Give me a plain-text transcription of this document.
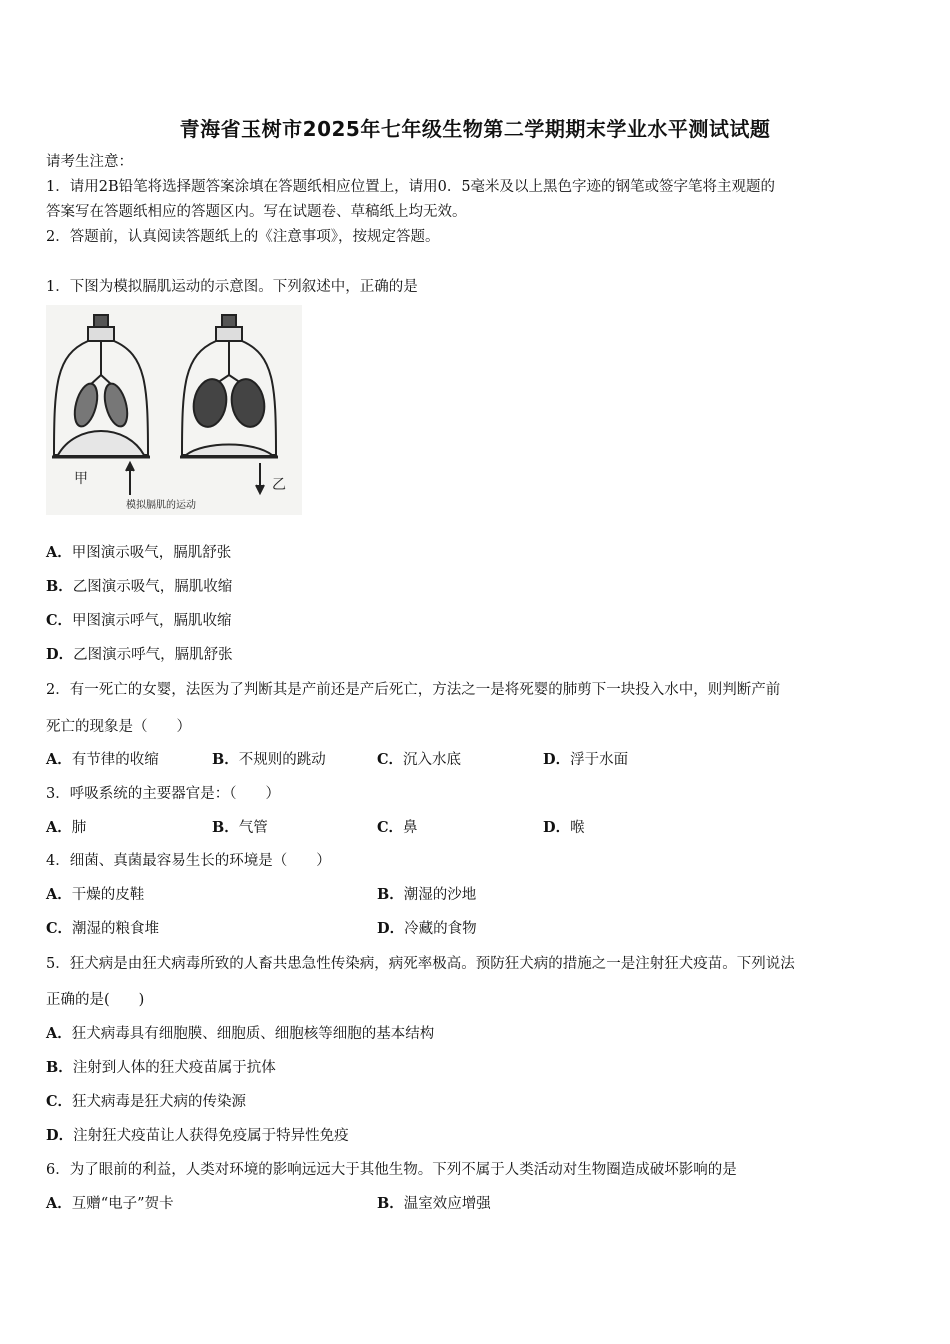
青海省玉树市2025年七年级生物第二学期期末学业水平测试试题
请考生注意：
1．请用2B铅笔将选择题答案涂填在答题纸相应位置上，请用0．5毫米及以上黑色字迹的钢笔或签字笔将主观题的
答案写在答题纸相应的答题区内。写在试题卷、草稿纸上均无效。
2．答题前，认真阅读答题纸上的《注意事项》，按规定答题。
1．下图为模拟膈肌运动的示意图。下列叙述中，正确的是
甲	乙
模拟膈肌的运动
A．甲图演示吸气，膈肌舒张
B．乙图演示吸气，膈肌收缩
C．甲图演示呼气，膈肌收缩
D．乙图演示呼气，膈肌舒张
2．有一死亡的女婴，法医为了判断其是产前还是产后死亡，方法之一是将死婴的肺剪下一块投入水中，则判断产前
死亡的现象是（　　）
A．有节律的收缩	B．不规则的跳动	C．沉入水底	D．浮于水面
3．呼吸系统的主要器官是：（　　）
A．肺	B．气管	C．鼻	D．喉
4．细菌、真菌最容易生长的环境是（　　）
A．干燥的皮鞋	B．潮湿的沙地
C．潮湿的粮食堆	D．冷藏的食物
5．狂犬病是由狂犬病毒所致的人畜共患急性传染病，病死率极高。预防狂犬病的措施之一是注射狂犬疫苗。下列说法
正确的是(　　)
A．狂犬病毒具有细胞膜、细胞质、细胞核等细胞的基本结构
B．注射到人体的狂犬疫苗属于抗体
C．狂犬病毒是狂犬病的传染源
D．注射狂犬疫苗让人获得免疫属于特异性免疫
6．为了眼前的利益，人类对环境的影响远远大于其他生物。下列不属于人类活动对生物圈造成破坏影响的是
A．互赠“电子”贺卡	B．温室效应增强
